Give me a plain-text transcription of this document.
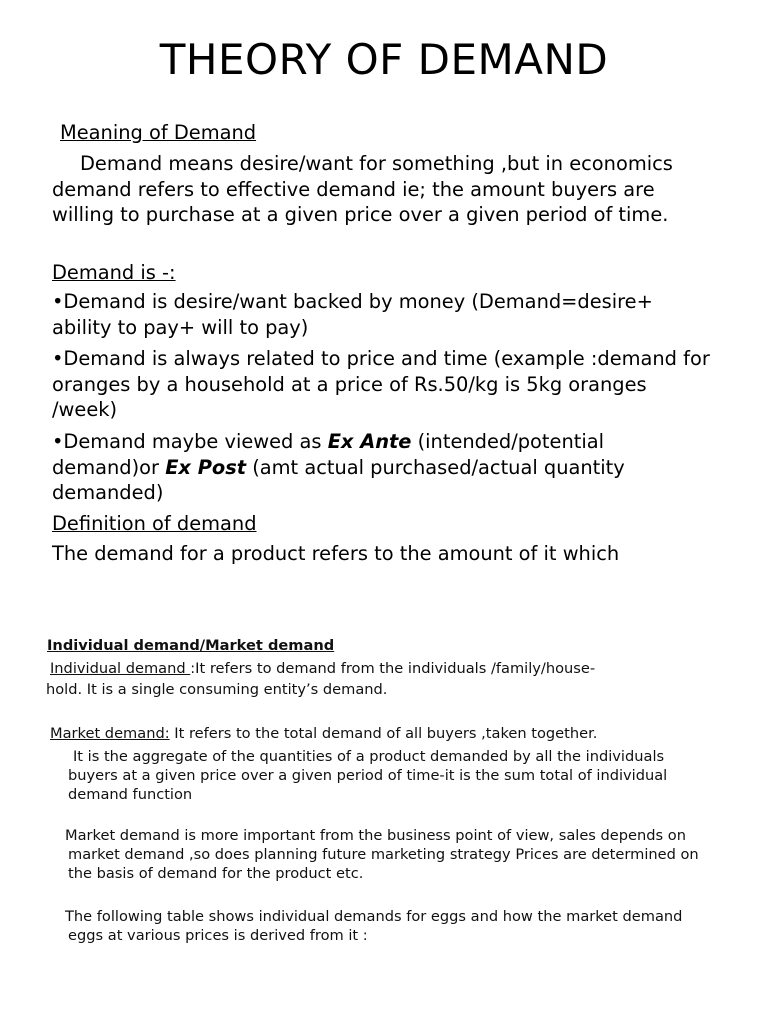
THEORY OF DEMAND
Meaning of Demand
Demand means desire/want for something ,but in economics demand refers to effective demand ie; the amount buyers are willing to purchase at a given price over a given period of time.
Demand is -:
•Demand is desire/want backed by money (Demand=desire+ ability to pay+ will to pay)
•Demand is always related to price and time (example :demand for oranges by a household at a price of Rs.50/kg is 5kg oranges /week)
•Demand maybe viewed as Ex Ante (intended/potential demand)or Ex Post (amt actual purchased/actual quantity demanded)
Definition of demand
The demand for a product refers to the amount of it which
Individual demand/Market demand
Individual demand :It refers to demand from the individuals /family/house-
hold. It is a single consuming entity’s demand.
Market demand: It refers to the total demand of all buyers ,taken together.
It is the aggregate of the quantities of a product demanded by all the individuals buyers at a given price over a given period of time-it is the sum total of individual demand function
Market demand is more important from the business point of view, sales depends on market demand ,so does planning future marketing strategy Prices are determined on the basis of demand for the product etc.
The following table shows individual demands for eggs and how the market demand eggs at various prices is derived from it :
